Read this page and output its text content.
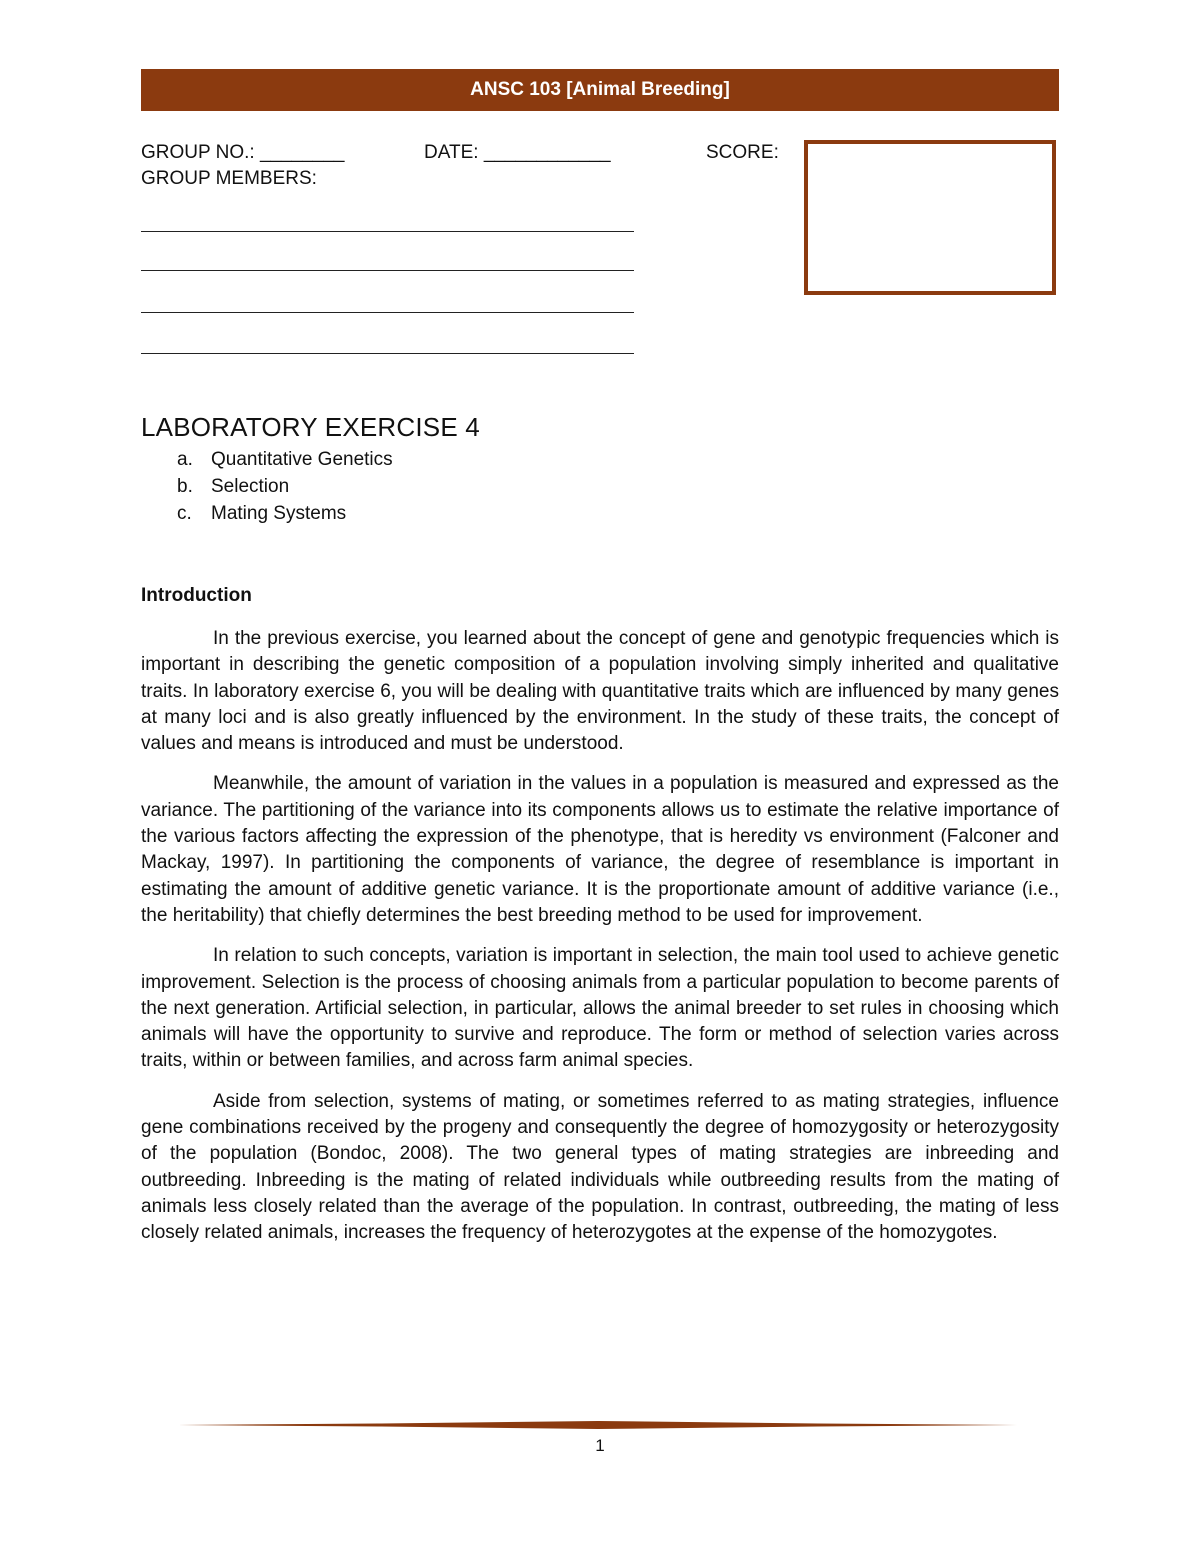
ANSC 103 [Animal Breeding]
GROUP NO.: ________	DATE: ____________	SCORE:
GROUP MEMBERS:
LABORATORY EXERCISE 4
a. Quantitative Genetics
b. Selection
c.	Mating Systems
Introduction

In the previous exercise, you learned about the concept of gene and genotypic frequencies which is important in describing the genetic composition of a population involving simply inherited and qualitative traits. In laboratory exercise 6, you will be dealing with quantitative traits which are influenced by many genes at many loci and is also greatly influenced by the environment. In the study of these traits, the concept of values and means is introduced and must be understood.

Meanwhile, the amount of variation in the values in a population is measured and expressed as the variance. The partitioning of the variance into its components allows us to estimate the relative importance of the various factors affecting the expression of the phenotype, that is heredity vs environment (Falconer and Mackay, 1997). In partitioning the components of variance, the degree of resemblance is important in estimating the amount of additive genetic variance. It is the proportionate amount of additive variance (i.e., the heritability) that chiefly determines the best breeding method to be used for improvement.

In relation to such concepts, variation is important in selection, the main tool used to achieve genetic improvement. Selection is the process of choosing animals from a particular population to become parents of the next generation. Artificial selection, in particular, allows the animal breeder to set rules in choosing which animals will have the opportunity to survive and reproduce. The form or method of selection varies across traits, within or between families, and across farm animal species.

Aside from selection, systems of mating, or sometimes referred to as mating strategies, influence gene combinations received by the progeny and consequently the degree of homozygosity or heterozygosity of the population (Bondoc, 2008). The two general types of mating strategies are inbreeding and outbreeding. Inbreeding is the mating of related individuals while outbreeding results from the mating of animals less closely related than the average of the population. In contrast, outbreeding, the mating of less closely related animals, increases the frequency of heterozygotes at the expense of the homozygotes.

1
